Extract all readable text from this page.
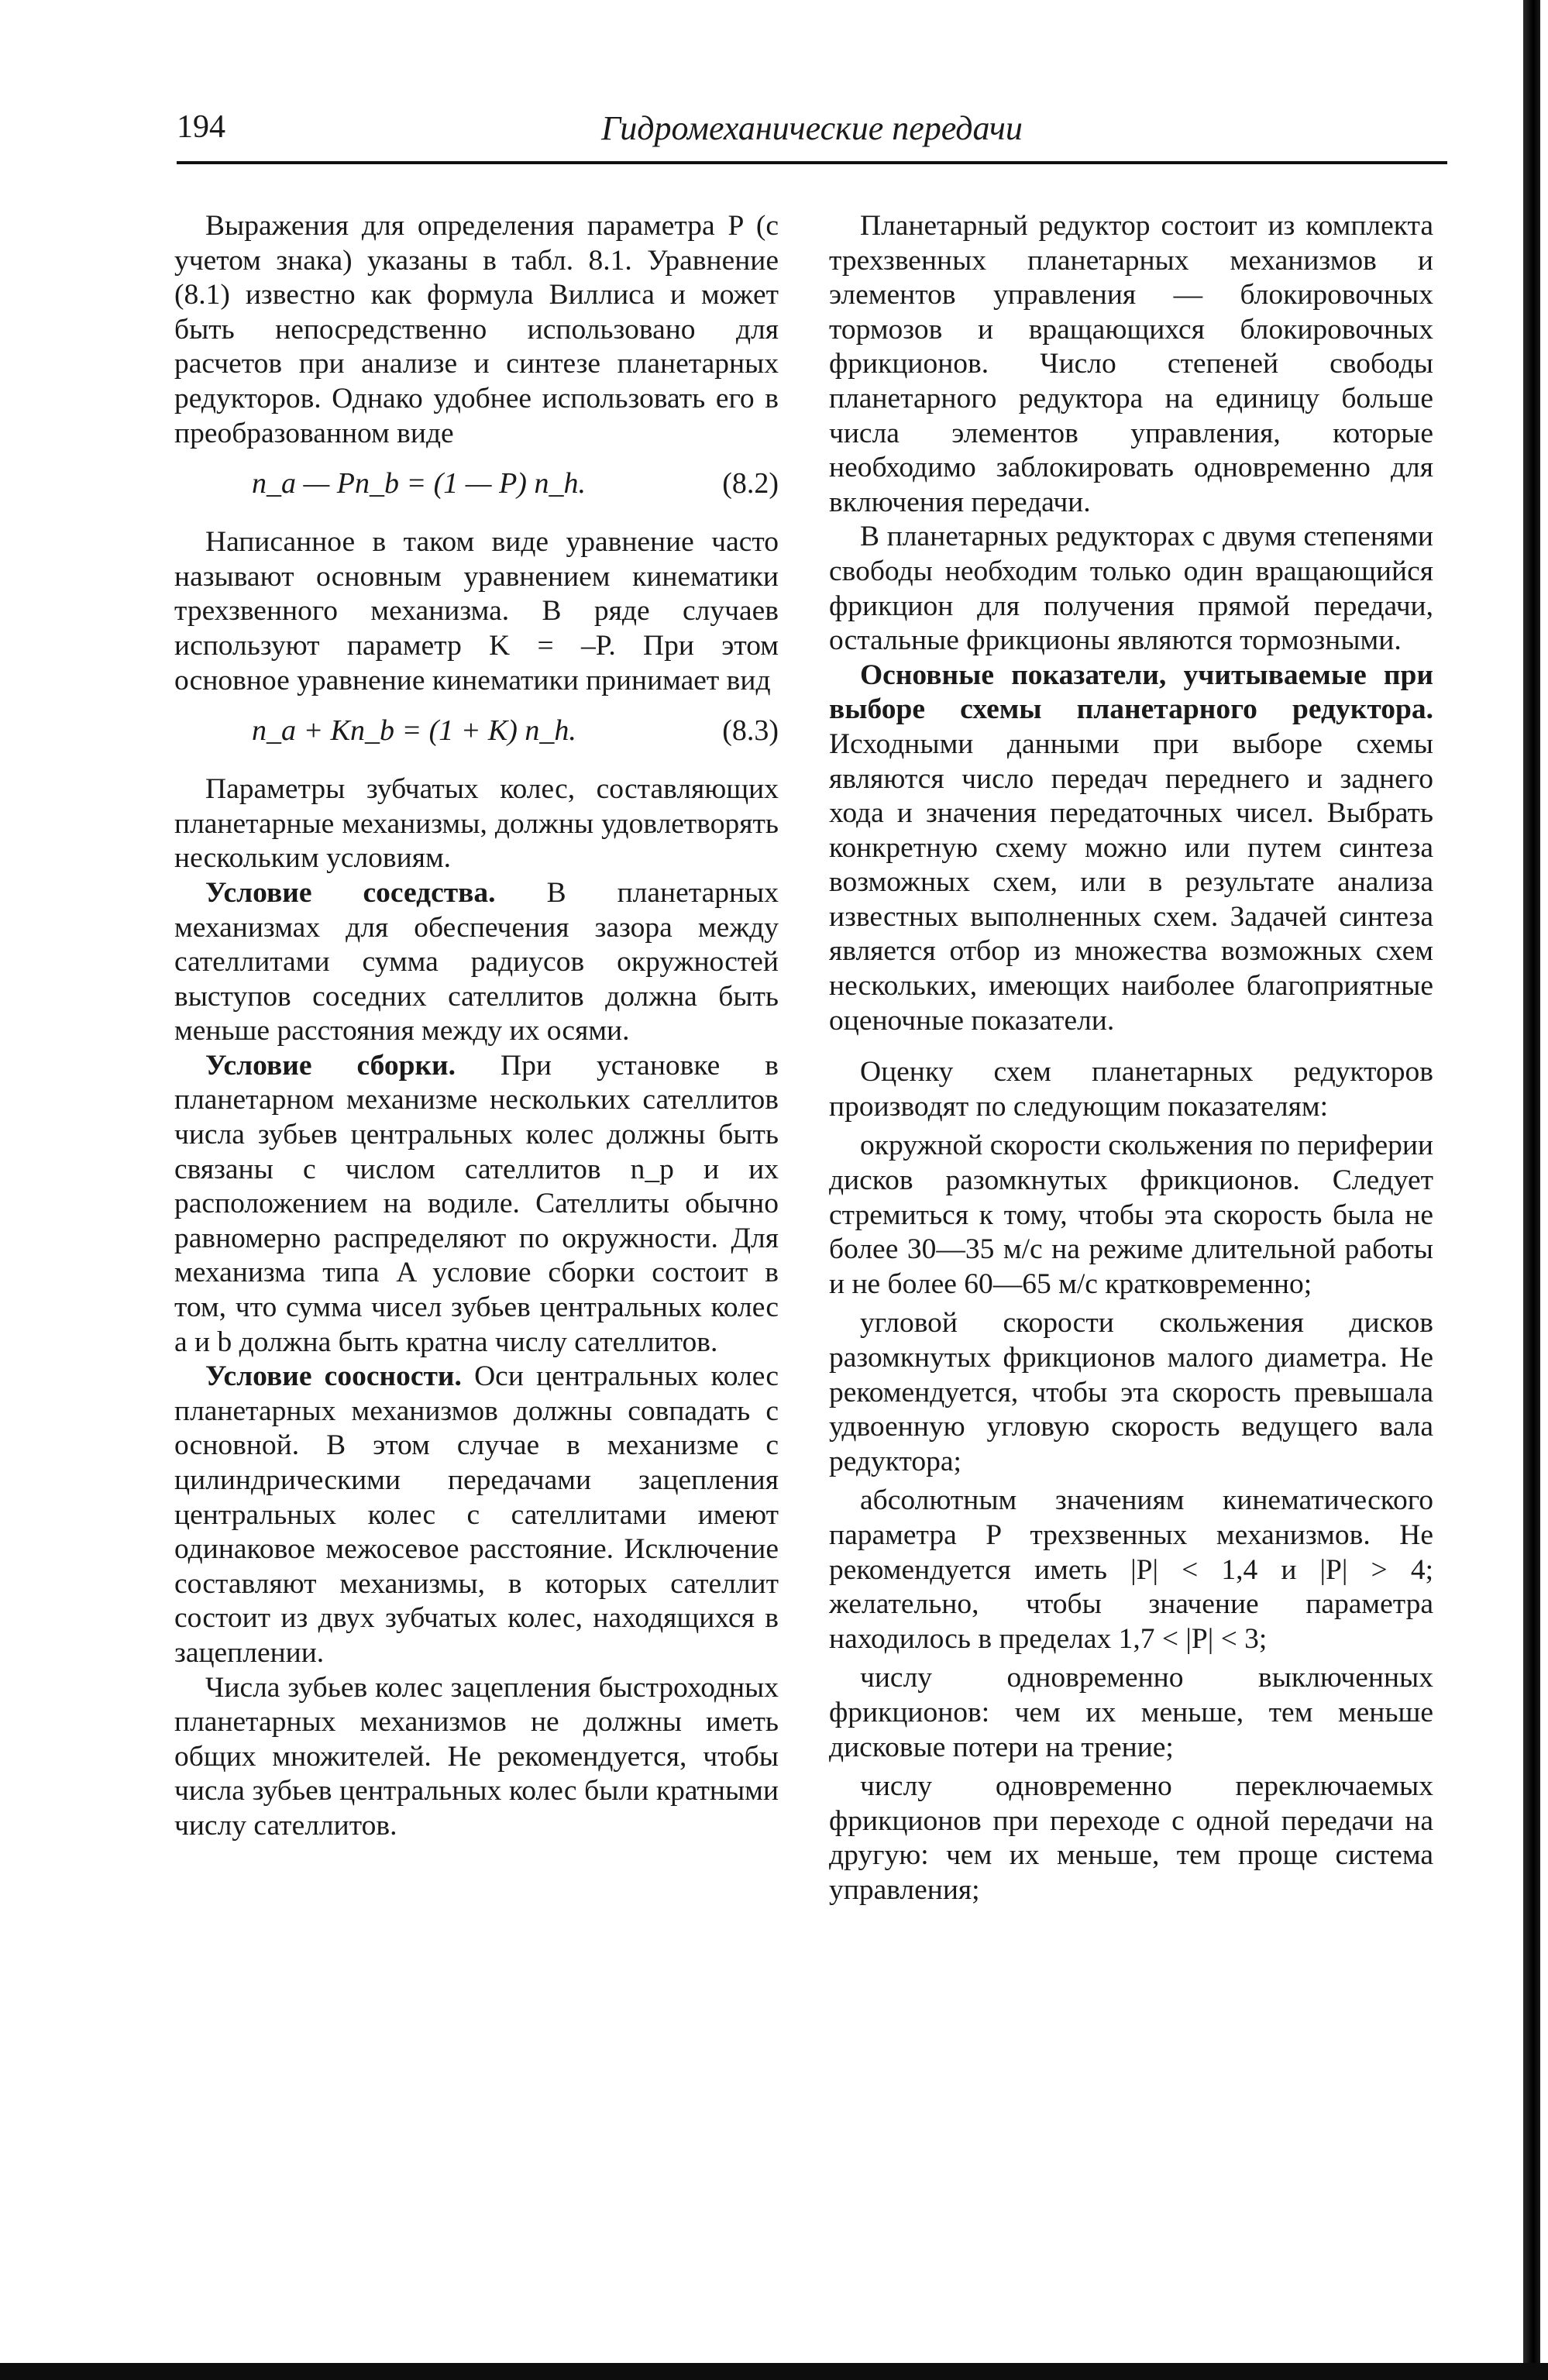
194	Гидромеханические передачи

Выражения для определения параметра P (с учетом знака) указаны в табл. 8.1. Уравнение (8.1) известно как формула Виллиса и может быть непосредственно использовано для расчетов при анализе и синтезе планетарных редукторов. Однако удобнее использовать его в преобразованном виде

n_a — Pn_b = (1 — P) n_h.	(8.2)

Написанное в таком виде уравнение часто называют основным уравнением кинематики трехзвенного механизма. В ряде случаев используют параметр K = –P. При этом основное уравнение кинематики принимает вид

n_a + Kn_b = (1 + K) n_h.	(8.3)

Параметры зубчатых колес, составляющих планетарные механизмы, должны удовлетворять нескольким условиям.

Условие соседства. В планетарных механизмах для обеспечения зазора между сателлитами сумма радиусов окружностей выступов соседних сателлитов должна быть меньше расстояния между их осями.

Условие сборки. При установке в планетарном механизме нескольких сателлитов числа зубьев центральных колес должны быть связаны с числом сателлитов n_p и их расположением на водиле. Сателлиты обычно равномерно распределяют по окружности. Для механизма типа A условие сборки состоит в том, что сумма чисел зубьев центральных колес a и b должна быть кратна числу сателлитов.

Условие соосности. Оси центральных колес планетарных механизмов должны совпадать с основной. В этом случае в механизме с цилиндрическими передачами зацепления центральных колес с сателлитами имеют одинаковое межосевое расстояние. Исключение составляют механизмы, в которых сателлит состоит из двух зубчатых колес, находящихся в зацеплении.

Числа зубьев колес зацепления быстроходных планетарных механизмов не должны иметь общих множителей. Не рекомендуется, чтобы числа зубьев центральных колес были кратными числу сателлитов.

Планетарный редуктор состоит из комплекта трехзвенных планетарных механизмов и элементов управления — блокировочных тормозов и вращающихся блокировочных фрикционов. Число степеней свободы планетарного редуктора на единицу больше числа элементов управления, которые необходимо заблокировать одновременно для включения передачи.

В планетарных редукторах с двумя степенями свободы необходим только один вращающийся фрикцион для получения прямой передачи, остальные фрикционы являются тормозными.

Основные показатели, учитываемые при выборе схемы планетарного редуктора. Исходными данными при выборе схемы являются число передач переднего и заднего хода и значения передаточных чисел. Выбрать конкретную схему можно или путем синтеза возможных схем, или в результате анализа известных выполненных схем. Задачей синтеза является отбор из множества возможных схем нескольких, имеющих наиболее благоприятные оценочные показатели.

Оценку схем планетарных редукторов производят по следующим показателям:

окружной скорости скольжения по периферии дисков разомкнутых фрикционов. Следует стремиться к тому, чтобы эта скорость была не более 30—35 м/с на режиме длительной работы и не более 60—65 м/с кратковременно;

угловой скорости скольжения дисков разомкнутых фрикционов малого диаметра. Не рекомендуется, чтобы эта скорость превышала удвоенную угловую скорость ведущего вала редуктора;

абсолютным значениям кинематического параметра P трехзвенных механизмов. Не рекомендуется иметь |P| < 1,4 и |P| > 4; желательно, чтобы значение параметра находилось в пределах 1,7 < |P| < 3;

числу одновременно выключенных фрикционов: чем их меньше, тем меньше дисковые потери на трение;

числу одновременно переключаемых фрикционов при переходе с одной передачи на другую: чем их меньше, тем проще система управления;
